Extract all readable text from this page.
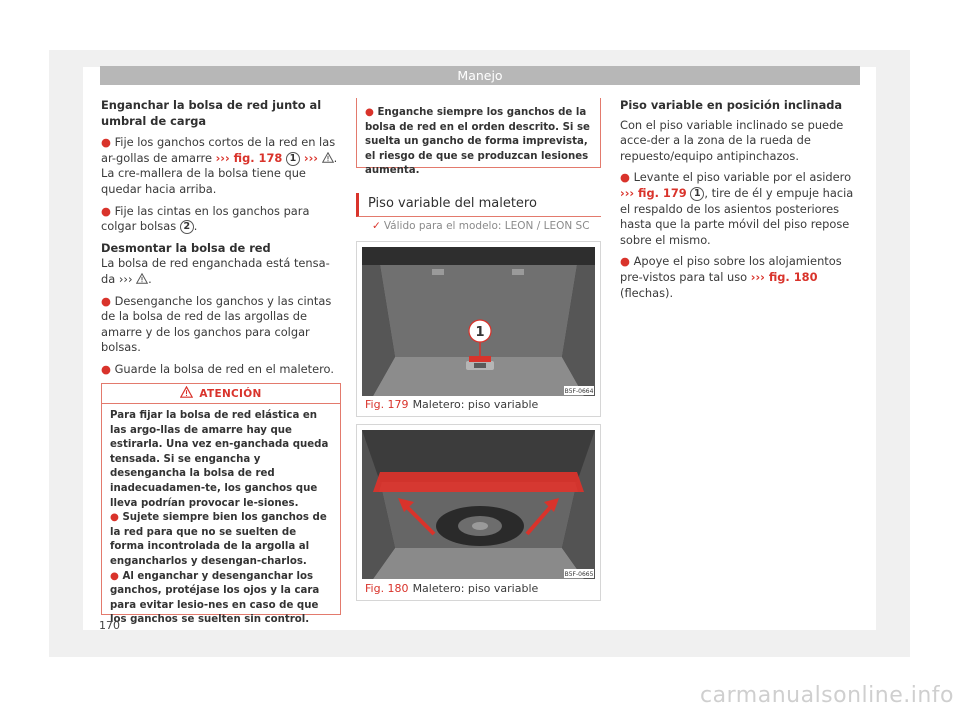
Manejo

Enganchar la bolsa de red junto al umbral de carga

● Fije los ganchos cortos de la red en las ar-gollas de amarre ››› fig. 178 1 ››› . La cre-mallera de la bolsa tiene que quedar hacia arriba.

● Fije las cintas en los ganchos para colgar bolsas 2 .

Desmontar la bolsa de red

La bolsa de red enganchada está tensa-da ››› .

● Desenganche los ganchos y las cintas de la bolsa de red de las argollas de amarre y de los ganchos para colgar bolsas.

● Guarde la bolsa de red en el maletero.

ATENCIÓN

Para fijar la bolsa de red elástica en las argo-llas de amarre hay que estirarla. Una vez en-ganchada queda tensada. Si se engancha y desengancha la bolsa de red inadecuadamen-te, los ganchos que lleva podrían provocar le-siones.

● Sujete siempre bien los ganchos de la red para que no se suelten de forma incontrolada de la argolla al engancharlos y desengan-charlos.

● Al enganchar y desenganchar los ganchos, protéjase los ojos y la cara para evitar lesio-nes en caso de que los ganchos se suelten sin control.

● Enganche siempre los ganchos de la bolsa de red en el orden descrito. Si se suelta un gancho de forma imprevista, el riesgo de que se produzcan lesiones aumenta.
Piso variable del maletero
✓ Válido para el modelo: LEON / LEON SC
1
B5F-0664
Fig. 179 Maletero: piso variable
B5F-0665
Fig. 180 Maletero: piso variable

Piso variable en posición inclinada

Con el piso variable inclinado se puede acce-der a la zona de la rueda de repuesto/equipo antipinchazos.

● Levante el piso variable por el asidero
››› fig. 179 1 , tire de él y empuje hacia el respaldo de los asientos posteriores hasta que la parte móvil del piso repose sobre el mismo.

● Apoye el piso sobre los alojamientos pre-vistos para tal uso ››› fig. 180 (flechas).

170
carmanualsonline.info
